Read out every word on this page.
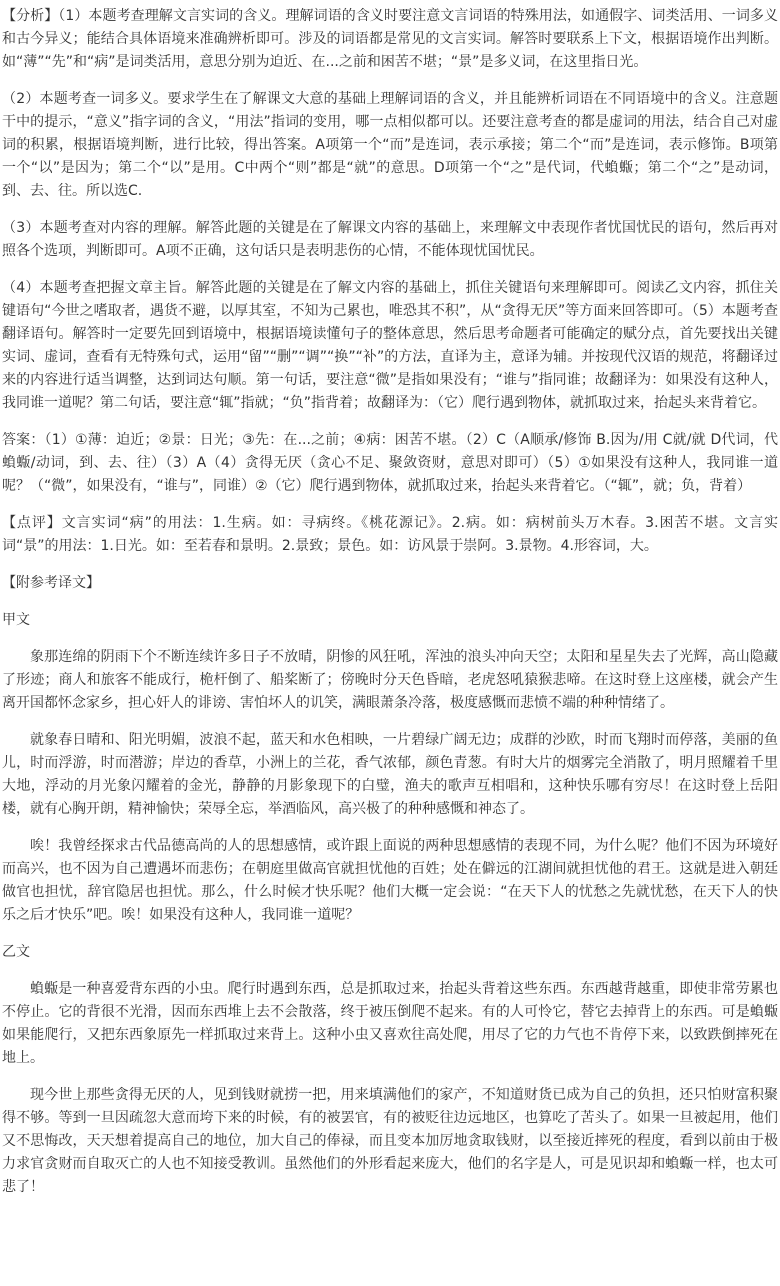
【分析】（1）本题考查理解文言实词的含义。理解词语的含义时要注意文言词语的特殊用法，如通假字、词类活用、一词多义和古今异义；能结合具体语境来准确辨析即可。涉及的词语都是常见的文言实词。解答时要联系上下文，根据语境作出判断。如“薄”“先”和“病”是词类活用，意思分别为迫近、在...之前和困苦不堪；“景”是多义词，在这里指日光。

（2）本题考查一词多义。要求学生在了解课文大意的基础上理解词语的含义，并且能辨析词语在不同语境中的含义。注意题干中的提示，“意义”指字词的含义，“用法”指词的变用，哪一点相似都可以。还要注意考查的都是虚词的用法，结合自己对虚词的积累，根据语境判断，进行比较，得出答案。A项第一个“而”是连词，表示承接；第二个“而”是连词，表示修饰。B项第一个“以”是因为；第二个“以”是用。C中两个“则”都是“就”的意思。D项第一个“之”是代词，代蝜蝂；第二个“之”是动词，到、去、往。所以选C.

（3）本题考查对内容的理解。解答此题的关键是在了解课文内容的基础上，来理解文中表现作者忧国忧民的语句，然后再对照各个选项，判断即可。A项不正确，这句话只是表明悲伤的心情，不能体现忧国忧民。

（4）本题考查把握文章主旨。解答此题的关键是在了解文内容的基础上，抓住关键语句来理解即可。阅读乙文内容，抓住关键语句“今世之嗜取者，遇货不避，以厚其室，不知为己累也，唯恐其不积”，从“贪得无厌”等方面来回答即可。（5）本题考查翻译语句。解答时一定要先回到语境中，根据语境读懂句子的整体意思，然后思考命题者可能确定的赋分点，首先要找出关键实词、虚词，查看有无特殊句式，运用“留”“删”“调”“换”“补”的方法，直译为主，意译为辅。并按现代汉语的规范，将翻译过来的内容进行适当调整，达到词达句顺。第一句话，要注意“微”是指如果没有；“谁与”指同谁；故翻译为：如果没有这种人，我同谁一道呢？第二句话，要注意“辄”指就；“负”指背着；故翻译为：（它）爬行遇到物体，就抓取过来，抬起头来背着它。

答案：（1）①薄：迫近；②景：日光；③先：在...之前；④病：困苦不堪。（2）C（A顺承/修饰 B.因为/用 C就/就 D代词，代蝜蝂/动词，到、去、往）（3）A（4）贪得无厌（贪心不足、聚敛资财，意思对即可）（5）①如果没有这种人，我同谁一道呢？（“微”，如果没有，“谁与”，同谁）②（它）爬行遇到物体，就抓取过来，抬起头来背着它。（“辄”，就；负，背着）

【点评】文言实词“病”的用法：1.生病。如：寻病终。《桃花源记》。2.病。如：病树前头万木春。3.困苦不堪。文言实词“景”的用法：1.日光。如：至若春和景明。2.景致；景色。如：访风景于崇阿。3.景物。4.形容词，大。

【附参考译文】

甲文

象那连绵的阴雨下个不断连续许多日子不放晴，阴惨的风狂吼，浑浊的浪头冲向天空；太阳和星星失去了光辉，高山隐藏了形迹；商人和旅客不能成行，桅杆倒了、船桨断了；傍晚时分天色昏暗，老虎怒吼猿猴悲啼。在这时登上这座楼，就会产生离开国都怀念家乡，担心奸人的诽谤、害怕坏人的讥笑，满眼萧条冷落，极度感慨而悲愤不端的种种情绪了。

就象春日晴和、阳光明媚，波浪不起，蓝天和水色相映，一片碧绿广阔无边；成群的沙欧，时而飞翔时而停落，美丽的鱼儿，时而浮游，时而潜游；岸边的香草，小洲上的兰花，香气浓郁，颜色青葱。有时大片的烟雾完全消散了，明月照耀着千里大地，浮动的月光象闪耀着的金光，静静的月影象现下的白璧，渔夫的歌声互相唱和，这种快乐哪有穷尽！在这时登上岳阳楼，就有心胸开朗，精神愉快；荣辱全忘，举酒临风，高兴极了的种种感慨和神态了。

唉！我曾经探求古代品德高尚的人的思想感情，或许跟上面说的两种思想感情的表现不同，为什么呢？他们不因为环境好而高兴，也不因为自己遭遇坏而悲伤；在朝庭里做高官就担忧他的百姓；处在僻远的江湖间就担忧他的君王。这就是进入朝廷做官也担忧，辞官隐居也担忧。那么，什么时候才快乐呢？他们大概一定会说：“在天下人的忧愁之先就忧愁，在天下人的快乐之后才快乐”吧。唉！如果没有这种人，我同谁一道呢？

乙文

蝜蝂是一种喜爱背东西的小虫。爬行时遇到东西，总是抓取过来，抬起头背着这些东西。东西越背越重，即使非常劳累也不停止。它的背很不光滑，因而东西堆上去不会散落，终于被压倒爬不起来。有的人可怜它，替它去掉背上的东西。可是蝜蝂如果能爬行，又把东西象原先一样抓取过来背上。这种小虫又喜欢往高处爬，用尽了它的力气也不肯停下来，以致跌倒摔死在地上。

现今世上那些贪得无厌的人，见到钱财就捞一把，用来填满他们的家产，不知道财货已成为自己的负担，还只怕财富积聚得不够。等到一旦因疏忽大意而垮下来的时候，有的被罢官，有的被贬往边远地区，也算吃了苦头了。如果一旦被起用，他们又不思悔改，天天想着提高自己的地位，加大自己的俸禄，而且变本加厉地贪取钱财，以至接近摔死的程度，看到以前由于极力求官贪财而自取灭亡的人也不知接受教训。虽然他们的外形看起来庞大，他们的名字是人，可是见识却和蝜蝂一样，也太可悲了！
